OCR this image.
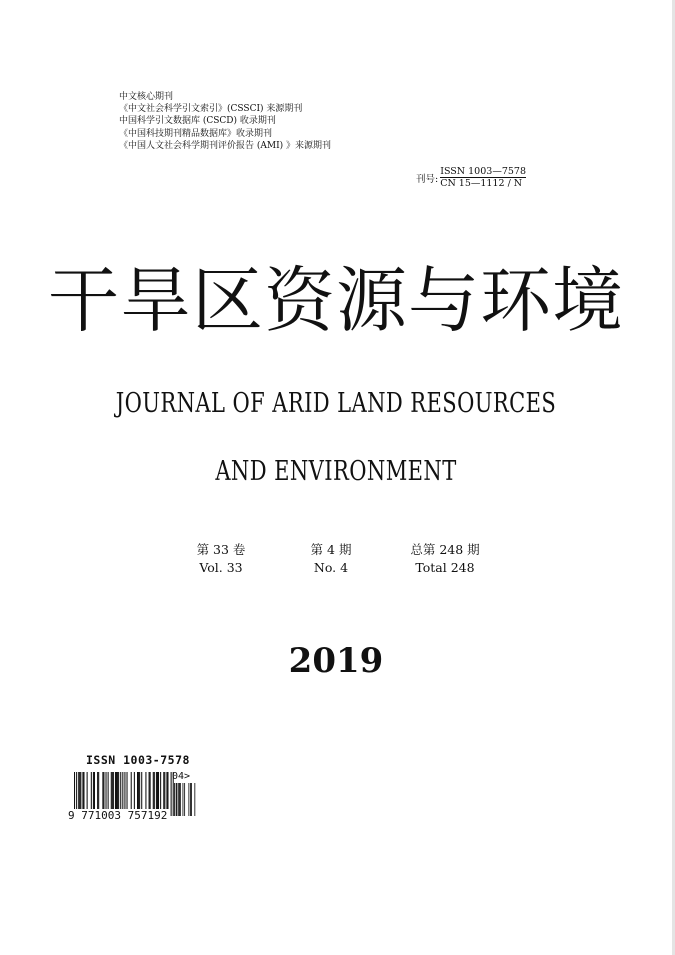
中文核心期刊
《中文社会科学引文索引》(CSSCI) 来源期刊
中国科学引文数据库 (CSCD) 收录期刊
《中国科技期刊精品数据库》收录期刊
《中国人文社会科学期刊评价报告 (AMI) 》来源期刊
刊号:
ISSN 1003—7578
CN 15—1112 / N
干旱区资源与环境
JOURNAL OF ARID LAND RESOURCES
AND ENVIRONMENT
第 33 卷
Vol. 33
第 4 期
No. 4
总第 248 期
Total 248
2019
ISSN 1003-7578
9 771003 757192
04>
